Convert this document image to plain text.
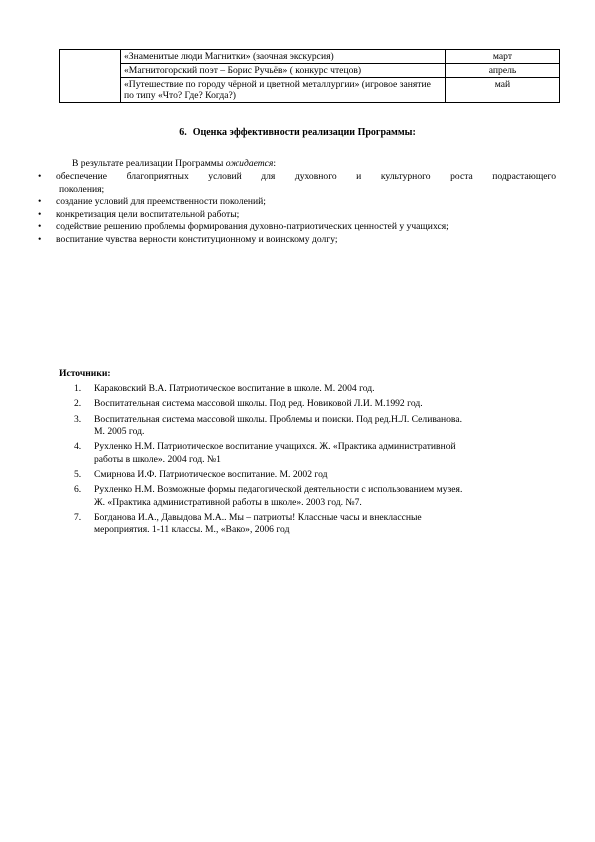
	«Знаменитые люди Магнитки» (заочная экскурсия)	март
	«Магнитогорский поэт – Борис Ручьёв» ( конкурс чтецов)	апрель
	«Путешествие по городу чёрной и цветной металлургии» (игровое занятие по типу «Что? Где? Когда?)	май
6. Оценка эффективности реализации Программы:
В результате реализации Программы ожидается:
• обеспечение благоприятных условий для духовного и культурного роста подрастающего
поколения;
• создание условий для преемственности поколений;
• конкретизация цели воспитательной работы;
• содействие решению проблемы формирования духовно-патриотических ценностей у учащихся;
• воспитание чувства верности конституционному и воинскому долгу;
Источники:
1. Караковский В.А. Патриотическое воспитание в школе. М. 2004 год.
2. Воспитательная система массовой школы. Под ред. Новиковой Л.И. М.1992 год.
3. Воспитательная система массовой школы. Проблемы и поиски. Под ред.Н.Л. Селиванова.
М. 2005 год.
4. Рухленко Н.М. Патриотическое воспитание учащихся. Ж. «Практика административной
работы в школе». 2004 год. №1
5. Смирнова И.Ф. Патриотическое воспитание. М. 2002 год
6. Рухленко Н.М. Возможные формы педагогической деятельности с использованием музея.
Ж. «Практика административной работы в школе». 2003 год. №7.
7. Богданова И.А., Давыдова М.А.. Мы – патриоты! Классные часы и внеклассные
мероприятия. 1-11 классы. М., «Вако», 2006 год
